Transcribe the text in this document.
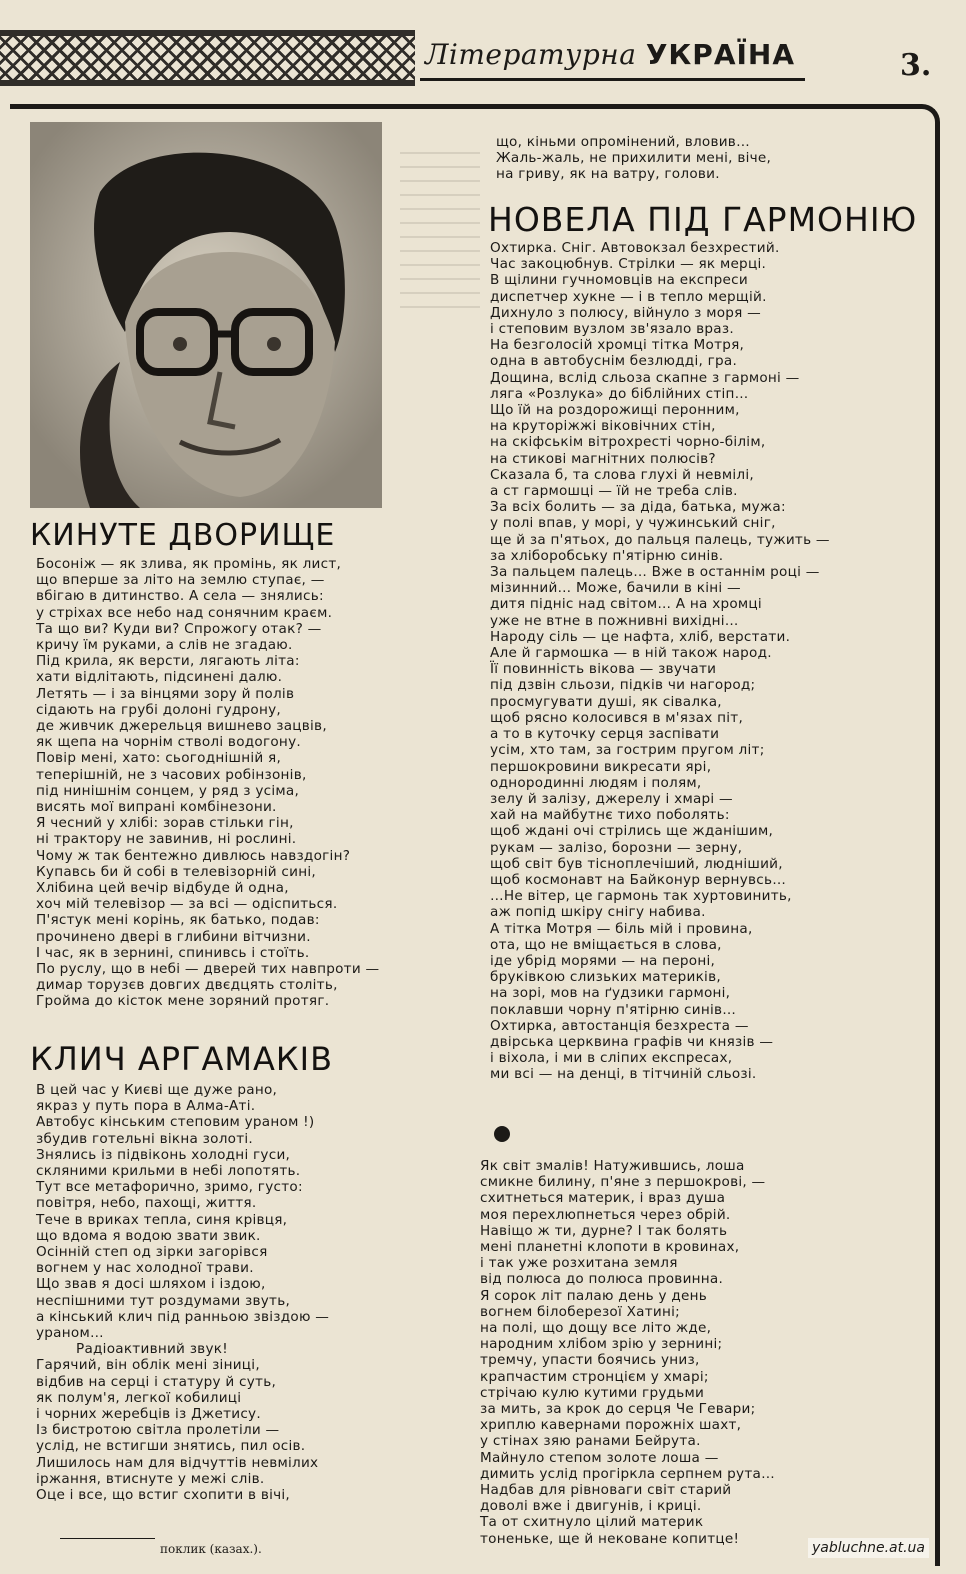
Літературна УКРАЇНА	3.
КИНУТЕ ДВОРИЩЕ
Босоніж — як злива, як промінь, як лист,
що вперше за літо на землю ступає, —
вбігаю в дитинство. А села — знялись:
у стріхах все небо над сонячним краєм.
Та що ви? Куди ви? Спрожогу отак? —
кричу їм руками, а слів не згадаю.
Під крила, як версти, лягають літа:
хати відлітають, підсинені далю.
Летять — і за вінцями зору й полів
сідають на грубі долоні гудрону,
де живчик джерельця вишнево зацвів,
як щепа на чорнім стволі водогону.
Повір мені, хато: сьогоднішній я,
теперішній, не з часових робінзонів,
під нинішнім сонцем, у ряд з усіма,
висять мої випрані комбінезони.
Я чесний у хлібі: зорав стільки гін,
ні трактору не завинив, ні рослині.
Чому ж так бентежно дивлюсь навздогін?
Купавсь би й собі в телевізорній сині,
Хлібина цей вечір відбуде й одна,
хоч мій телевізор — за всі — одіспиться.
П'ястук мені корінь, як батько, подав:
прочинено двері в глибини вітчизни.
І час, як в зернині, спинивсь і стоїть.
По руслу, що в небі — дверей тих навпроти —
димар торузєв довгих двєдцять століть,
Гройма до кісток мене зоряний протяг.
КЛИЧ АРГАМАКІВ
В цей час у Києві ще дуже рано,
якраз у путь пора в Алма-Аті.
Автобус кінським степовим ураном !)
збудив готельні вікна золоті.
Знялись із підвіконь холодні гуси,
скляними крильми в небі лопотять.
Тут все метафорично, зримо, густо:
повітря, небо, пахощі, життя.
Тече в вриках тепла, синя крівця,
що вдома я водою звати звик.
Осінній степ од зірки загорівся
вогнем у нас холодної трави.
Що звав я досі шляхом і іздою,
неспішними тут роздумами звуть,
а кінський клич під ранньою звіздою —
ураном…
Радіоактивний звук!
Гарячий, він облік мені зіниці,
відбив на серці і статуру й суть,
як полум'я, легкої кобилиці
і чорних жеребців із Джетису.
Із бистротою світла пролетіли —
услід, не встигши знятись, пил осів.
Лишилось нам для відчуттів невмілих
іржання, втиснуте у межі слів.
Оце і все, що встиг схопити в вічі,
що, кіньми опромінений, вловив…
Жаль-жаль, не прихилити мені, віче,
на гриву, як на ватру, голови.
НОВЕЛА ПІД ГАРМОНІЮ
Охтирка. Сніг. Автовокзал безхрестий.
Час закоцюбнув. Стрілки — як мерці.
В щілини гучномовців на експреси
диспетчер хукне — і в тепло мерщій.
Дихнуло з полюсу, війнуло з моря —
і степовим вузлом зв'язало враз.
На безголосій хромці тітка Мотря,
одна в автобуснім безлюдді, гра.
Дощина, вслід сльоза скапне з гармоні —
ляга «Розлука» до біблійних стіп…
Що їй на роздорожищі перонним,
на круторіжжі віковічних стін,
на скіфськім вітрохресті чорно-білім,
на стикові магнітних полюсів?
Сказала б, та слова глухі й невмілі,
а ст гармошці — їй не треба слів.
За всіх болить — за діда, батька, мужа:
у полі впав, у морі, у чужинський сніг,
ще й за п'ятьох, до пальця палець, тужить —
за хліборобську п'ятірню синів.
За пальцем палець… Вже в останнім році —
мізинний… Може, бачили в кіні —
дитя підніс над світом… А на хромці
уже не втне в пожнивні вихідні…
Народу сіль — це нафта, хліб, верстати.
Але й гармошка — в ній також народ.
Її повинність вікова — звучати
під дзвін сльози, підків чи нагород;
просмугувати душі, як сівалка,
щоб рясно колосився в м'язах піт,
а то в куточку серця заспівати
усім, хто там, за гострим пругом літ;
першокровини викресати ярі,
однородинні людям і полям,
зелу й залізу, джерелу і хмарі —
хай на майбутнє тихо поболять:
щоб ждані очі стрілись ще жданішим,
рукам — залізо, борозни — зерну,
щоб світ був тісноплечіший, людніший,
щоб космонавт на Байконур вернувсь…
…Не вітер, це гармонь так хуртовинить,
аж попід шкіру снігу набива.
А тітка Мотря — біль мій і провина,
ота, що не вміщається в слова,
іде убрід морями — на пероні,
бруківкою слизьких материків,
на зорі, мов на ґудзики гармоні,
поклавши чорну п'ятірню синів…
Охтирка, автостанція безхреста —
двірська церквина графів чи князів —
і віхола, і ми в сліпих експресах,
ми всі — на денці, в тітчиній сльозі.
Як світ змалів! Натужившись, лоша
смикне билину, п'яне з першокрові, —
схитнеться материк, і враз душа
моя перехлюпнеться через обрій.
Навіщо ж ти, дурне? І так болять
мені планетні клопоти в кровинах,
і так уже розхитана земля
від полюса до полюса провинна.
Я сорок літ палаю день у день
вогнем білоберезої Хатині;
на полі, що дощу все літо жде,
народним хлібом зрію у зернині;
тремчу, упасти боячись униз,
крапчастим стронцієм у хмарі;
стрічаю кулю кутими грудьми
за мить, за крок до серця Че Гевари;
хриплю кавернами порожніх шахт,
у стінах зяю ранами Бейрута.
Майнуло степом золоте лоша —
димить услід прогіркла серпнем рута…
Надбав для рівноваги світ старий
доволі вже і двигунів, і криці.
Та от схитнуло цілий материк
тоненьке, ще й нековане копитце!
поклик (казах.).	yabluchne.at.ua
